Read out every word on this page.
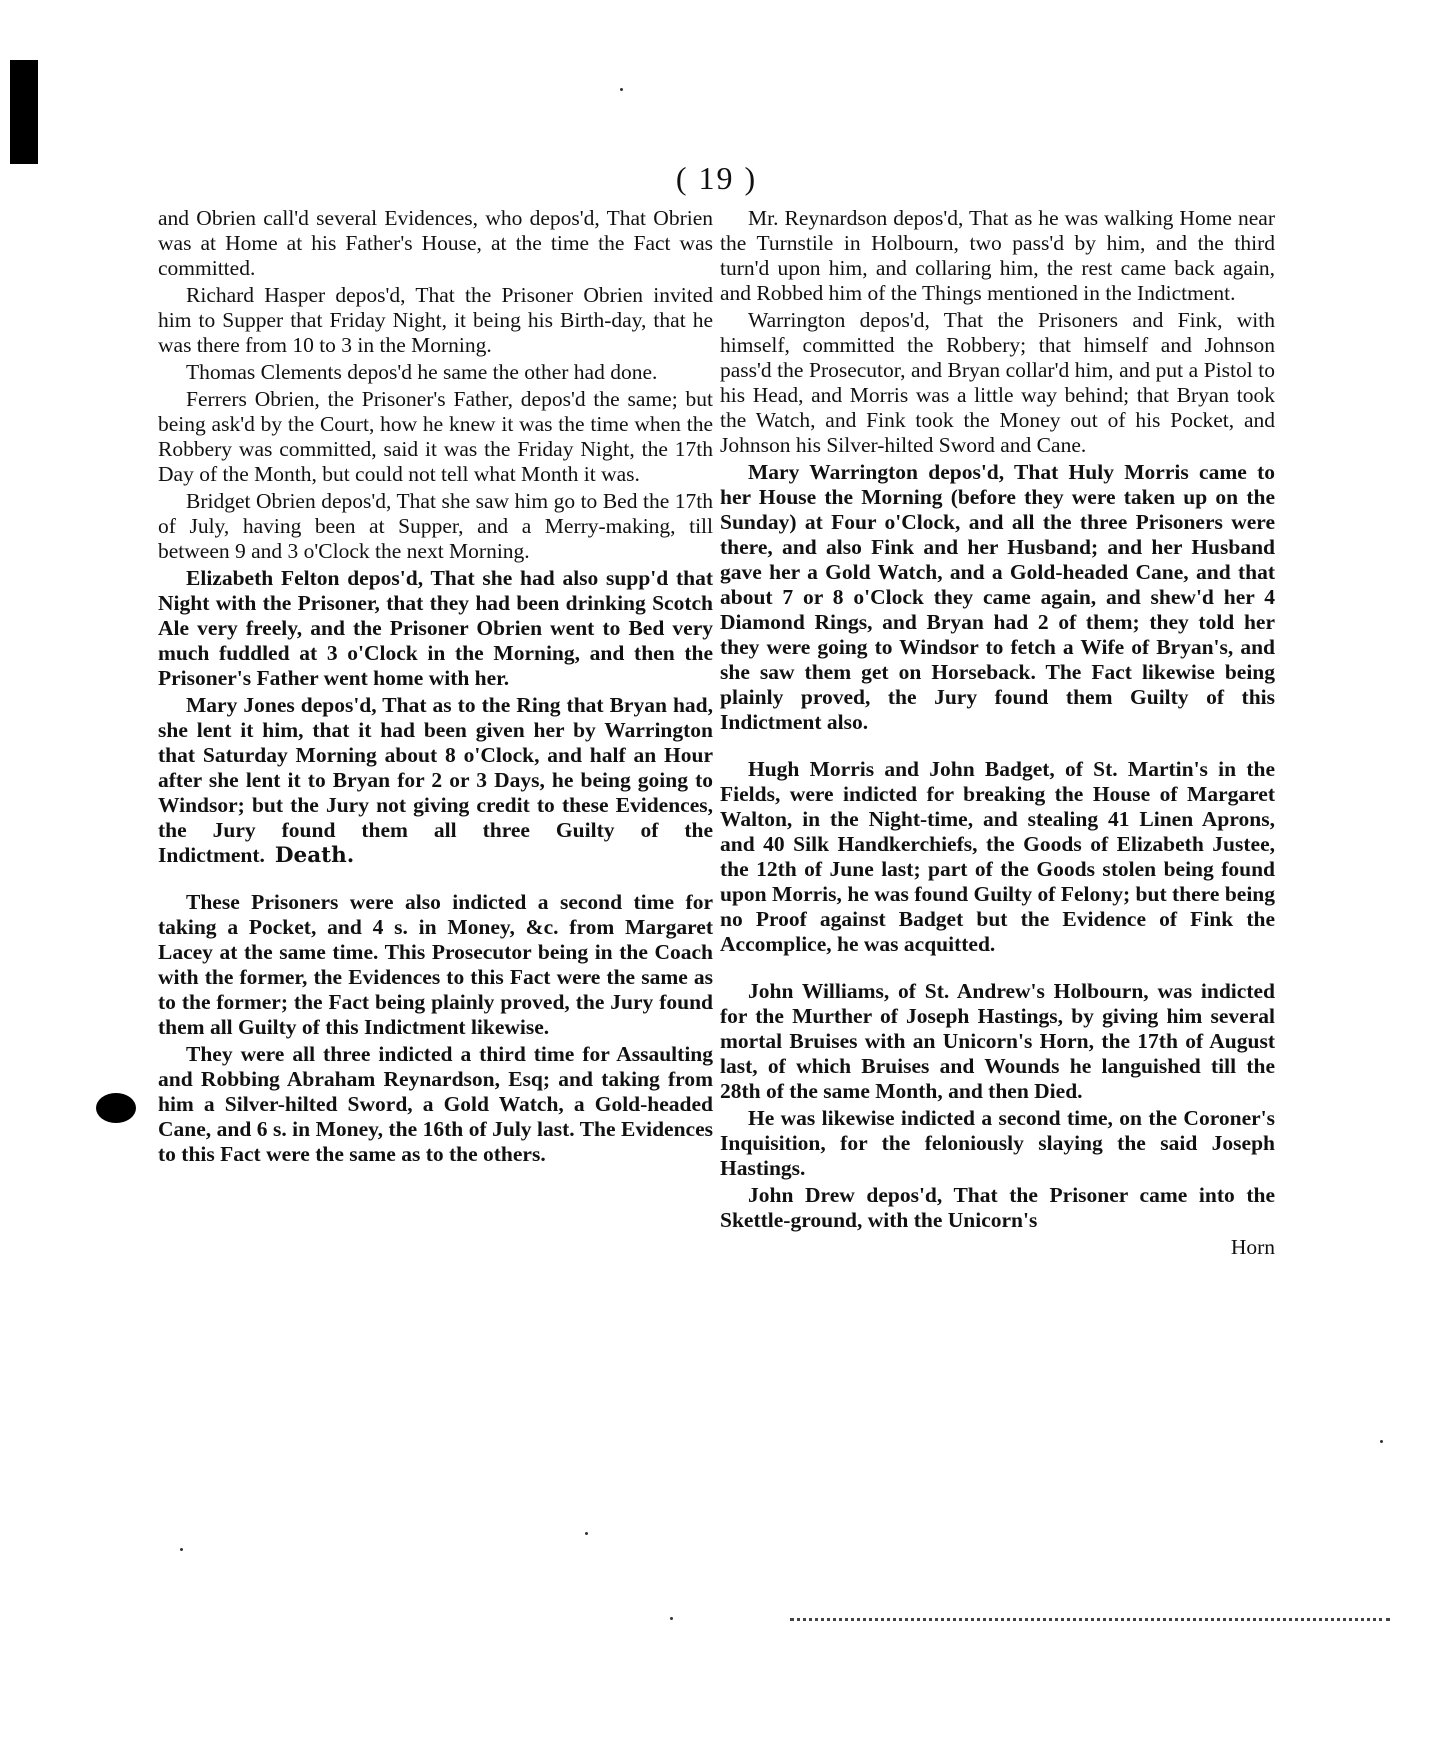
( 19 )

and Obrien call'd several Evidences, who depos'd, That Obrien was at Home at his Father's House, at the time the Fact was committed.

Richard Hasper depos'd, That the Prisoner Obrien invited him to Supper that Friday Night, it being his Birth-day, that he was there from 10 to 3 in the Morning.

Thomas Clements depos'd he same the other had done.

Ferrers Obrien, the Prisoner's Father, depos'd the same; but being ask'd by the Court, how he knew it was the time when the Robbery was committed, said it was the Friday Night, the 17th Day of the Month, but could not tell what Month it was.

Bridget Obrien depos'd, That she saw him go to Bed the 17th of July, having been at Supper, and a Merry-making, till between 9 and 3 o'Clock the next Morning.

Elizabeth Felton depos'd, That she had also supp'd that Night with the Prisoner, that they had been drinking Scotch Ale very freely, and the Prisoner Obrien went to Bed very much fuddled at 3 o'Clock in the Morning, and then the Prisoner's Father went home with her.

Mary Jones depos'd, That as to the Ring that Bryan had, she lent it him, that it had been given her by Warrington that Saturday Morning about 8 o'Clock, and half an Hour after she lent it to Bryan for 2 or 3 Days, he being going to Windsor; but the Jury not giving credit to these Evidences, the Jury found them all three Guilty of the Indictment. Death.

These Prisoners were also indicted a second time for taking a Pocket, and 4 s. in Money, &c. from Margaret Lacey at the same time. This Prosecutor being in the Coach with the former, the Evidences to this Fact were the same as to the former; the Fact being plainly proved, the Jury found them all Guilty of this Indictment likewise.

They were all three indicted a third time for Assaulting and Robbing Abraham Reynardson, Esq; and taking from him a Silver-hilted Sword, a Gold Watch, a Gold-headed Cane, and 6 s. in Money, the 16th of July last. The Evidences to this Fact were the same as to the others.

Mr. Reynardson depos'd, That as he was walking Home near the Turnstile in Holbourn, two pass'd by him, and the third turn'd upon him, and collaring him, the rest came back again, and Robbed him of the Things mentioned in the Indictment.

Warrington depos'd, That the Prisoners and Fink, with himself, committed the Robbery; that himself and Johnson pass'd the Prosecutor, and Bryan collar'd him, and put a Pistol to his Head, and Morris was a little way behind; that Bryan took the Watch, and Fink took the Money out of his Pocket, and Johnson his Silver-hilted Sword and Cane.

Mary Warrington depos'd, That Huly Morris came to her House the Morning (before they were taken up on the Sunday) at Four o'Clock, and all the three Prisoners were there, and also Fink and her Husband; and her Husband gave her a Gold Watch, and a Gold-headed Cane, and that about 7 or 8 o'Clock they came again, and shew'd her 4 Diamond Rings, and Bryan had 2 of them; they told her they were going to Windsor to fetch a Wife of Bryan's, and she saw them get on Horseback. The Fact likewise being plainly proved, the Jury found them Guilty of this Indictment also.

Hugh Morris and John Badget, of St. Martin's in the Fields, were indicted for breaking the House of Margaret Walton, in the Night-time, and stealing 41 Linen Aprons, and 40 Silk Handkerchiefs, the Goods of Elizabeth Justee, the 12th of June last; part of the Goods stolen being found upon Morris, he was found Guilty of Felony; but there being no Proof against Badget but the Evidence of Fink the Accomplice, he was acquitted.

John Williams, of St. Andrew's Holbourn, was indicted for the Murther of Joseph Hastings, by giving him several mortal Bruises with an Unicorn's Horn, the 17th of August last, of which Bruises and Wounds he languished till the 28th of the same Month, and then Died.

He was likewise indicted a second time, on the Coroner's Inquisition, for the feloniously slaying the said Joseph Hastings.

John Drew depos'd, That the Prisoner came into the Skettle-ground, with the Unicorn's

Horn
